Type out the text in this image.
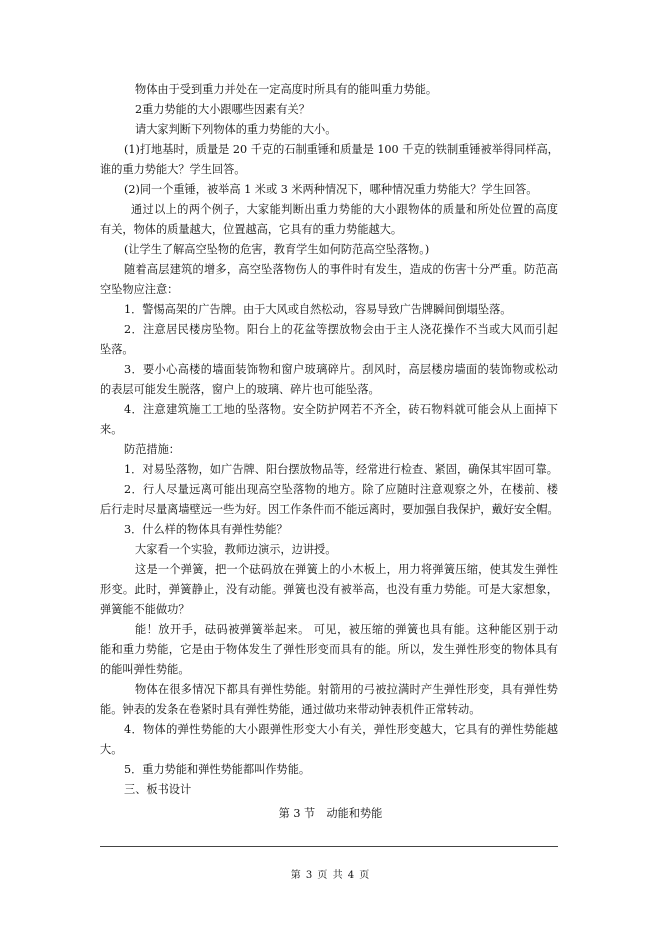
物体由于受到重力并处在一定高度时所具有的能叫重力势能。
2重力势能的大小跟哪些因素有关？
请大家判断下列物体的重力势能的大小。
(1)打地基时，质量是 20 千克的石制重锤和质量是 100 千克的铁制重锤被举得同样高，
谁的重力势能大？学生回答。
(2)同一个重锤，被举高 1 米或 3 米两种情况下，哪种情况重力势能大？学生回答。
通过以上的两个例子，大家能判断出重力势能的大小跟物体的质量和所处位置的高度
有关，物体的质量越大，位置越高，它具有的重力势能越大。
(让学生了解高空坠物的危害，教育学生如何防范高空坠落物。)
随着高层建筑的增多，高空坠落物伤人的事件时有发生，造成的伤害十分严重。防范高
空坠物应注意：
1．警惕高架的广告牌。由于大风或自然松动，容易导致广告牌瞬间倒塌坠落。
2．注意居民楼房坠物。阳台上的花盆等摆放物会由于主人浇花操作不当或大风而引起
坠落。
3．要小心高楼的墙面装饰物和窗户玻璃碎片。刮风时，高层楼房墙面的装饰物或松动
的表层可能发生脱落，窗户上的玻璃、碎片也可能坠落。
4．注意建筑施工工地的坠落物。安全防护网若不齐全，砖石物料就可能会从上面掉下
来。
防范措施：
1．对易坠落物，如广告牌、阳台摆放物品等，经常进行检查、紧固，确保其牢固可靠。
2．行人尽量远离可能出现高空坠落物的地方。除了应随时注意观察之外，在楼前、楼
后行走时尽量离墙壁远一些为好。因工作条件而不能远离时，要加强自我保护，戴好安全帽。
3．什么样的物体具有弹性势能？
大家看一个实验，教师边演示，边讲授。
这是一个弹簧，把一个砝码放在弹簧上的小木板上，用力将弹簧压缩，使其发生弹性
形变。此时，弹簧静止，没有动能。弹簧也没有被举高，也没有重力势能。可是大家想象，
弹簧能不能做功？
能！放开手，砝码被弹簧举起来。 可见，被压缩的弹簧也具有能。这种能区别于动
能和重力势能，它是由于物体发生了弹性形变而具有的能。所以，发生弹性形变的物体具有
的能叫弹性势能。
物体在很多情况下都具有弹性势能。射箭用的弓被拉满时产生弹性形变，具有弹性势
能。钟表的发条在卷紧时具有弹性势能，通过做功来带动钟表机件正常转动。
4．物体的弹性势能的大小跟弹性形变大小有关，弹性形变越大，它具有的弹性势能越
大。
5．重力势能和弹性势能都叫作势能。
三、板书设计
第 3 节　动能和势能
第 3 页 共 4 页
